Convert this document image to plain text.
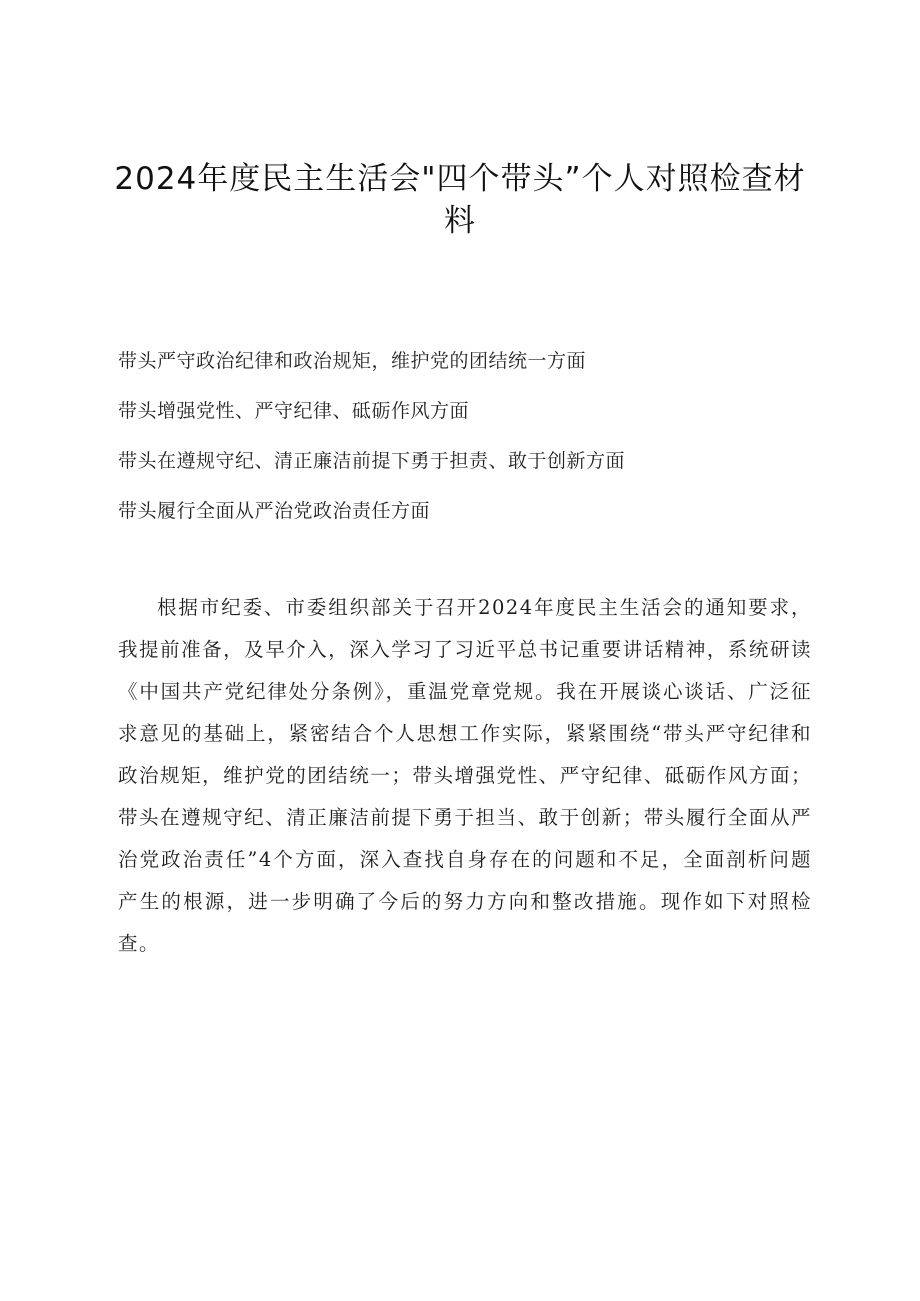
2024年度民主生活会"四个带头”个人对照检查材料
带头严守政治纪律和政治规矩，维护党的团结统一方面
带头增强党性、严守纪律、砥砺作风方面
带头在遵规守纪、清正廉洁前提下勇于担责、敢于创新方面
带头履行全面从严治党政治责任方面

根据市纪委、市委组织部关于召开2024年度民主生活会的通知要求，我提前准备，及早介入，深入学习了习近平总书记重要讲话精神，系统研读《中国共产党纪律处分条例》，重温党章党规。我在开展谈心谈话、广泛征求意见的基础上，紧密结合个人思想工作实际，紧紧围绕“带头严守纪律和政治规矩，维护党的团结统一；带头增强党性、严守纪律、砥砺作风方面；带头在遵规守纪、清正廉洁前提下勇于担当、敢于创新；带头履行全面从严治党政治责任”4个方面，深入查找自身存在的问题和不足，全面剖析问题产生的根源，进一步明确了今后的努力方向和整改措施。现作如下对照检查。
